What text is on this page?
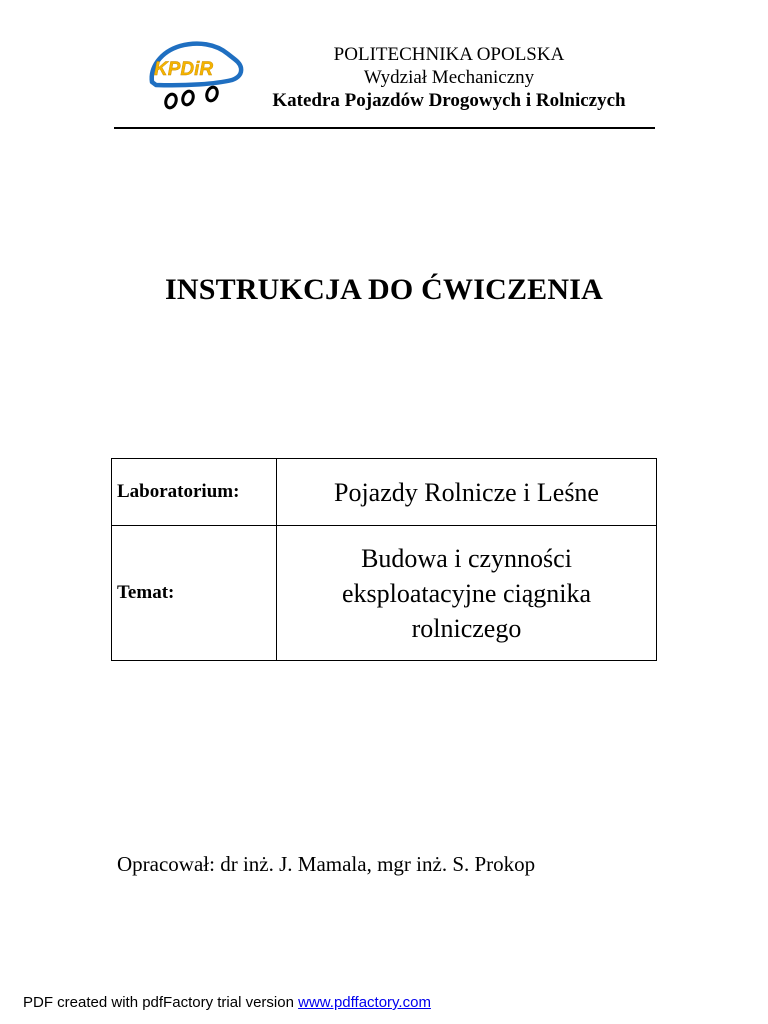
KPDiR
POLITECHNIKA OPOLSKA
Wydział Mechaniczny
Katedra Pojazdów Drogowych i Rolniczych
INSTRUKCJA DO ĆWICZENIA
Laboratorium:	Pojazdy Rolnicze i Leśne
Temat:	Budowa i czynności
eksploatacyjne ciągnika
rolniczego
Opracował: dr inż. J. Mamala, mgr inż. S. Prokop
PDF created with pdfFactory trial version www.pdffactory.com
